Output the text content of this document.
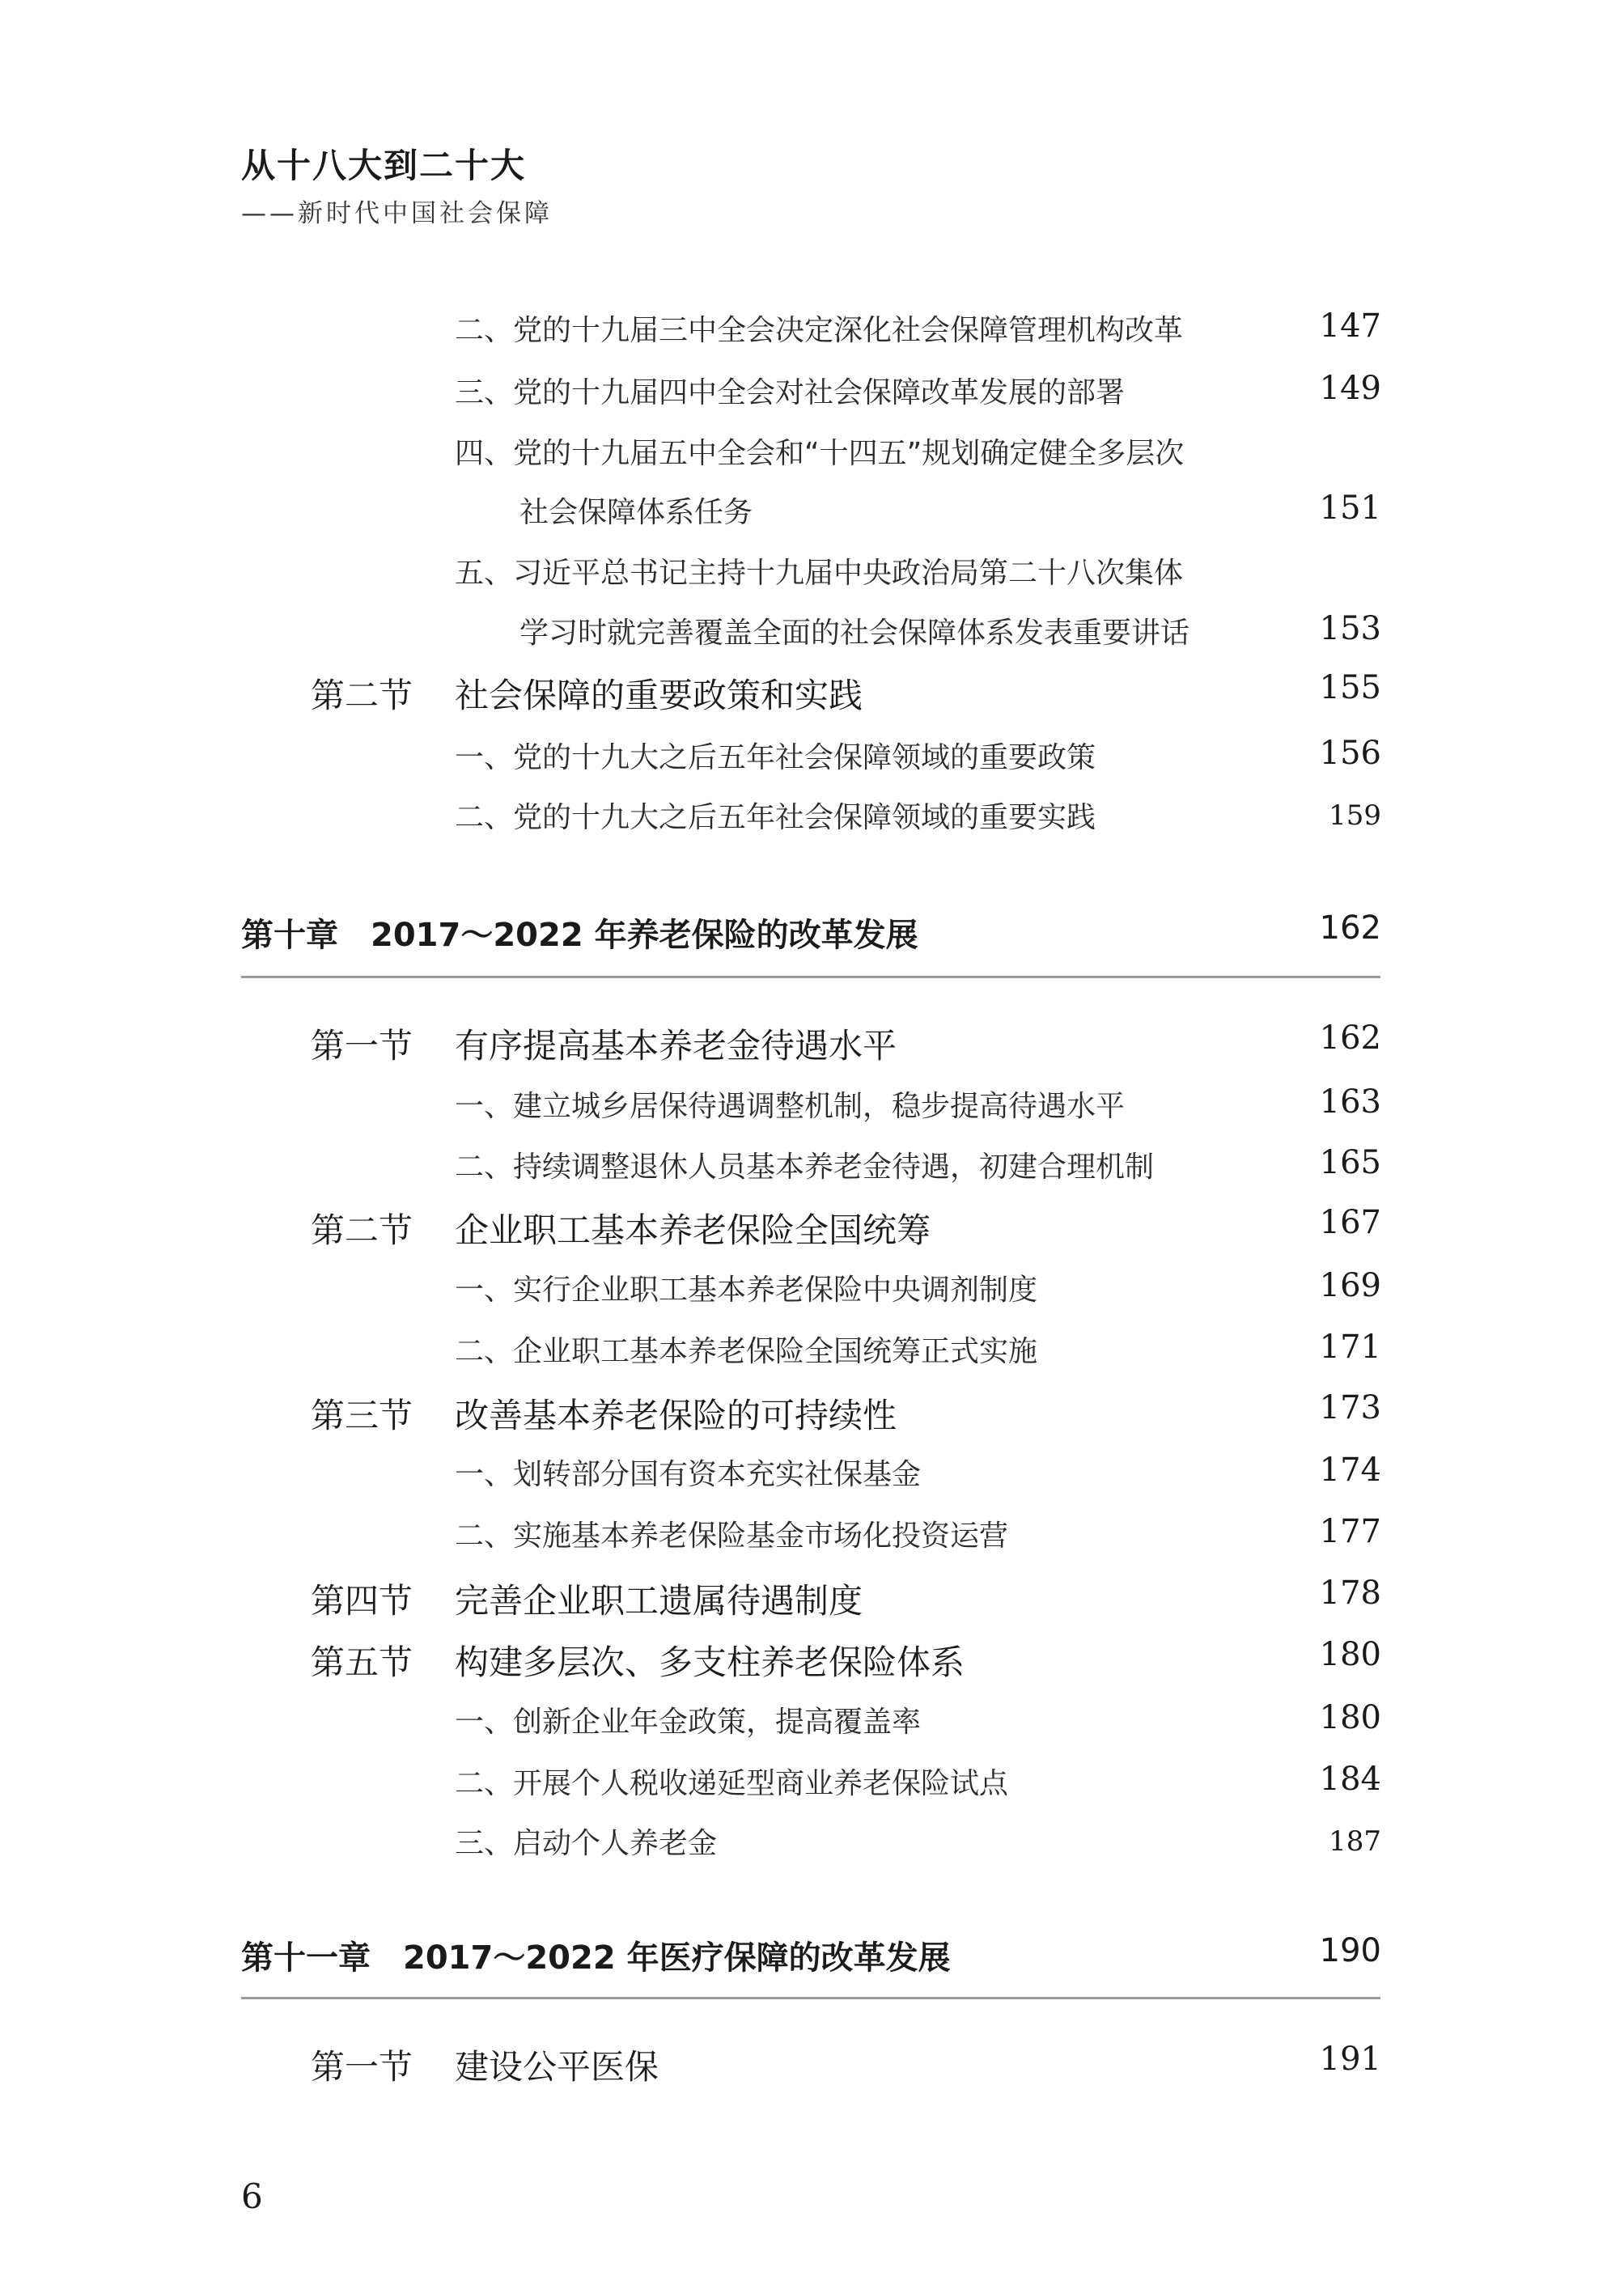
从十八大到二十大
——新时代中国社会保障
二、党的十九届三中全会决定深化社会保障管理机构改革	147
三、党的十九届四中全会对社会保障改革发展的部署	149
四、党的十九届五中全会和“十四五”规划确定健全多层次
社会保障体系任务	151
五、习近平总书记主持十九届中央政治局第二十八次集体
学习时就完善覆盖全面的社会保障体系发表重要讲话	153
第二节 社会保障的重要政策和实践	155
一、党的十九大之后五年社会保障领域的重要政策	156
二、党的十九大之后五年社会保障领域的重要实践	159
第十章　2017～2022 年养老保险的改革发展	162
第一节 有序提高基本养老金待遇水平	162
一、建立城乡居保待遇调整机制，稳步提高待遇水平	163
二、持续调整退休人员基本养老金待遇，初建合理机制	165
第二节 企业职工基本养老保险全国统筹	167
一、实行企业职工基本养老保险中央调剂制度	169
二、企业职工基本养老保险全国统筹正式实施	171
第三节 改善基本养老保险的可持续性	173
一、划转部分国有资本充实社保基金	174
二、实施基本养老保险基金市场化投资运营	177
第四节 完善企业职工遗属待遇制度	178
第五节 构建多层次、多支柱养老保险体系	180
一、创新企业年金政策，提高覆盖率	180
二、开展个人税收递延型商业养老保险试点	184
三、启动个人养老金	187
第十一章　2017～2022 年医疗保障的改革发展	190
第一节 建设公平医保	191
6
